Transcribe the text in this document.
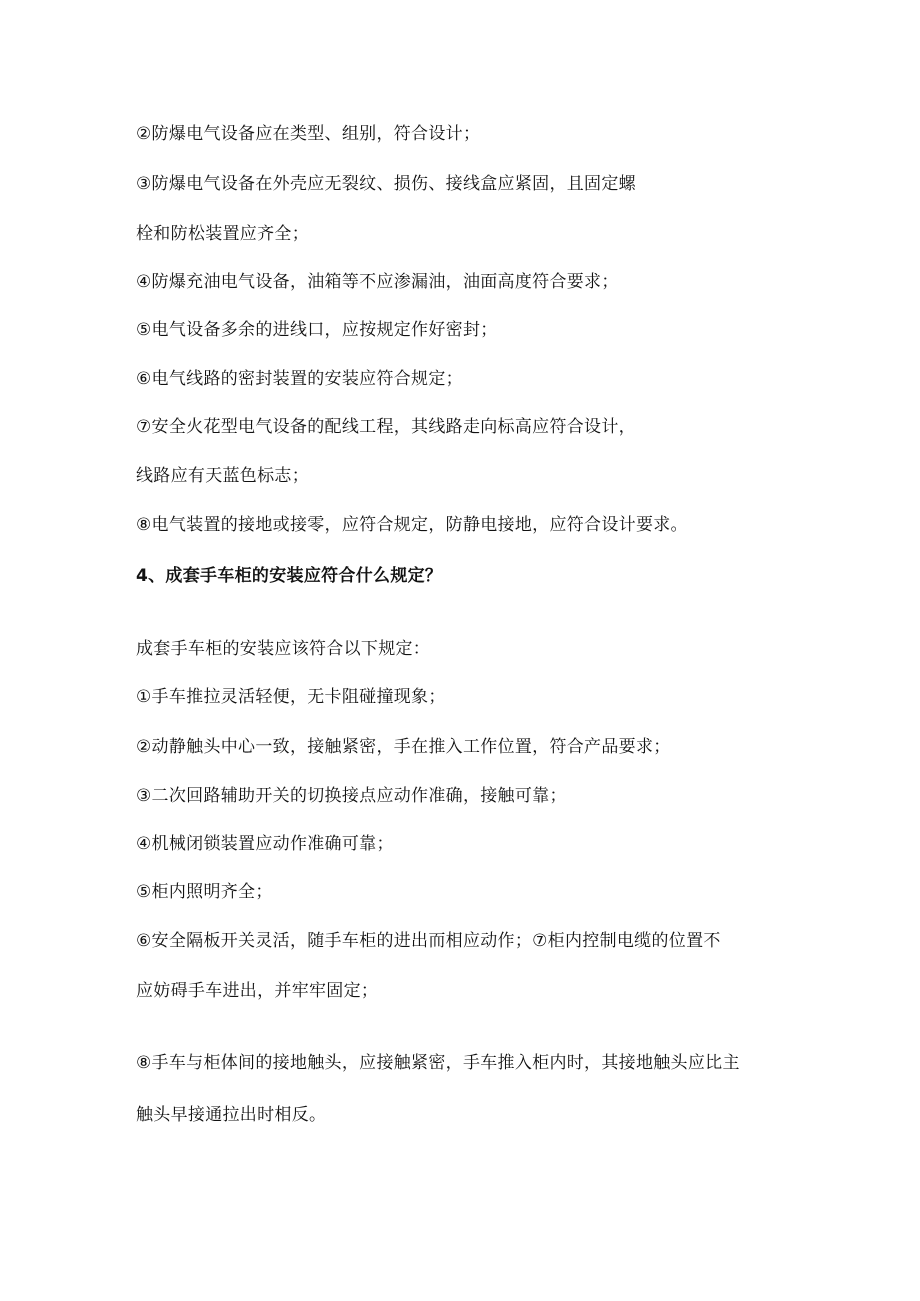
②防爆电气设备应在类型、组别，符合设计；
③防爆电气设备在外壳应无裂纹、损伤、接线盒应紧固，且固定螺
栓和防松装置应齐全；
④防爆充油电气设备，油箱等不应渗漏油，油面高度符合要求；
⑤电气设备多余的进线口，应按规定作好密封；
⑥电气线路的密封装置的安装应符合规定；
⑦安全火花型电气设备的配线工程，其线路走向标高应符合设计，
线路应有天蓝色标志；
⑧电气装置的接地或接零，应符合规定，防静电接地，应符合设计要求。
4、成套手车柜的安装应符合什么规定？
成套手车柜的安装应该符合以下规定：
①手车推拉灵活轻便，无卡阻碰撞现象；
②动静触头中心一致，接触紧密，手在推入工作位置，符合产品要求；
③二次回路辅助开关的切换接点应动作准确，接触可靠；
④机械闭锁装置应动作准确可靠；
⑤柜内照明齐全；
⑥安全隔板开关灵活，随手车柜的进出而相应动作；⑦柜内控制电缆的位置不
应妨碍手车进出，并牢牢固定；
⑧手车与柜体间的接地触头，应接触紧密，手车推入柜内时，其接地触头应比主
触头早接通拉出时相反。
